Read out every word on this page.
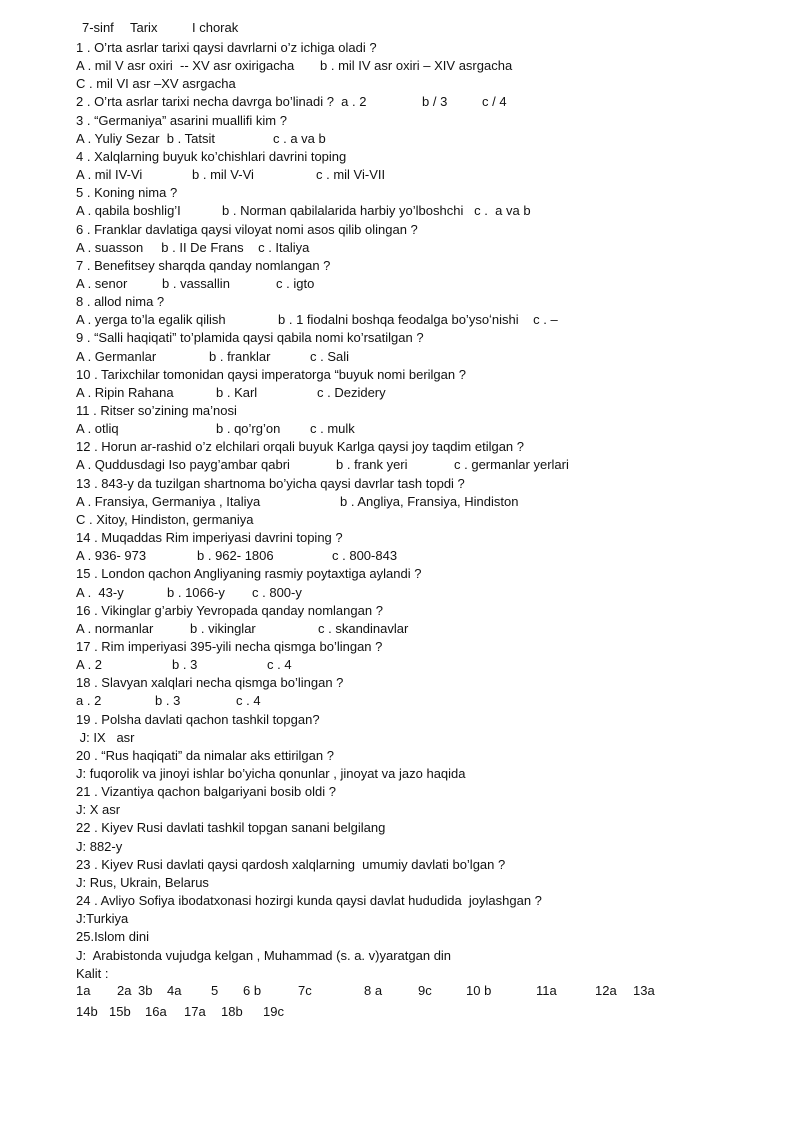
7-sinf Tarix	I chorak
1 . O’rta asrlar tarixi qaysi davrlarni o’z ichiga oladi ?
A . mil V asr oxiri  -- XV asr oxirigacha b . mil IV asr oxiri – XIV asrgacha
C . mil VI asr –XV asrgacha
2 . O’rta asrlar tarixi necha davrga bo’linadi ?  a . 2	b / 3	c / 4
3 . “Germaniya” asarini muallifi kim ?
A . Yuliy Sezar  b . Tatsit	c . a va b
4 . Xalqlarning buyuk ko’chishlari davrini toping
A . mil IV-Vi	b . mil V-Vi	c . mil Vi-VII
5 . Koning nima ?
A . qabila boshlig’I	b . Norman qabilalarida harbiy yo’lboshchi   c .  a va b
6 . Franklar davlatiga qaysi viloyat nomi asos qilib olingan ?
A . suasson     b . II De Frans    c . Italiya
7 . Benefitsey sharqda qanday nomlangan ?
A . senor	b . vassallin	c . igto
8 . allod nima ?
A . yerga to’la egalik qilish	b . 1 fiodalni boshqa feodalga bo’ysoʻnishi    c . –
9 . “Salli haqiqati” to’plamida qaysi qabila nomi ko’rsatilgan ?
A . Germanlar	b . franklar	c . Sali
10 . Tarixchilar tomonidan qaysi imperatorga “buyuk nomi berilgan ?
A . Ripin Rahana	b . Karl	c . Dezidery
11 . Ritser so’zining ma’nosi
A . otliq	b . qo’rg’on c . mulk
12 . Horun ar-rashid o’z elchilari orqali buyuk Karlga qaysi joy taqdim etilgan ?
A . Quddusdagi Iso payg’ambar qabri	b . frank yeri	c . germanlar yerlari
13 . 843-y da tuzilgan shartnoma bo’yicha qaysi davrlar tash topdi ?
A . Fransiya, Germaniya , Italiya	b . Angliya, Fransiya, Hindiston
C . Xitoy, Hindiston, germaniya
14 . Muqaddas Rim imperiyasi davrini toping ?
A . 936- 973	b . 962- 1806	c . 800-843
15 . London qachon Angliyaning rasmiy poytaxtiga aylandi ?
A .  43-y	b . 1066-y c . 800-y
16 . Vikinglar g’arbiy Yevropada qanday nomlangan ?
A . normanlar	b . vikinglar	c . skandinavlar
17 . Rim imperiyasi 395-yili necha qismga bo’lingan ?
A . 2	b . 3	c . 4
18 . Slavyan xalqlari necha qismga bo’lingan ?
a . 2	b . 3	c . 4
19 . Polsha davlati qachon tashkil topgan?
J: IX   asr
20 . “Rus haqiqati” da nimalar aks ettirilgan ?
J: fuqorolik va jinoyi ishlar bo’yicha qonunlar , jinoyat va jazo haqida
21 . Vizantiya qachon balgariyani bosib oldi ?
J: X asr
22 . Kiyev Rusi davlati tashkil topgan sanani belgilang
J: 882-y
23 . Kiyev Rusi davlati qaysi qardosh xalqlarning  umumiy davlati bo’lgan ?
J: Rus, Ukrain, Belarus
24 . Avliyo Sofiya ibodatxonasi hozirgi kunda qaysi davlat hududida  joylashgan ?
J:Turkiya
25.Islom dini
J:  Arabistonda vujudga kelgan , Muhammad (s. a. v)yaratgan din
Kalit :
1a 2a 3b 4a 5 6 b	7c	8 a	9c	10 b	11a	12a 13a
14b 15b 16a 17a 18b 19c
